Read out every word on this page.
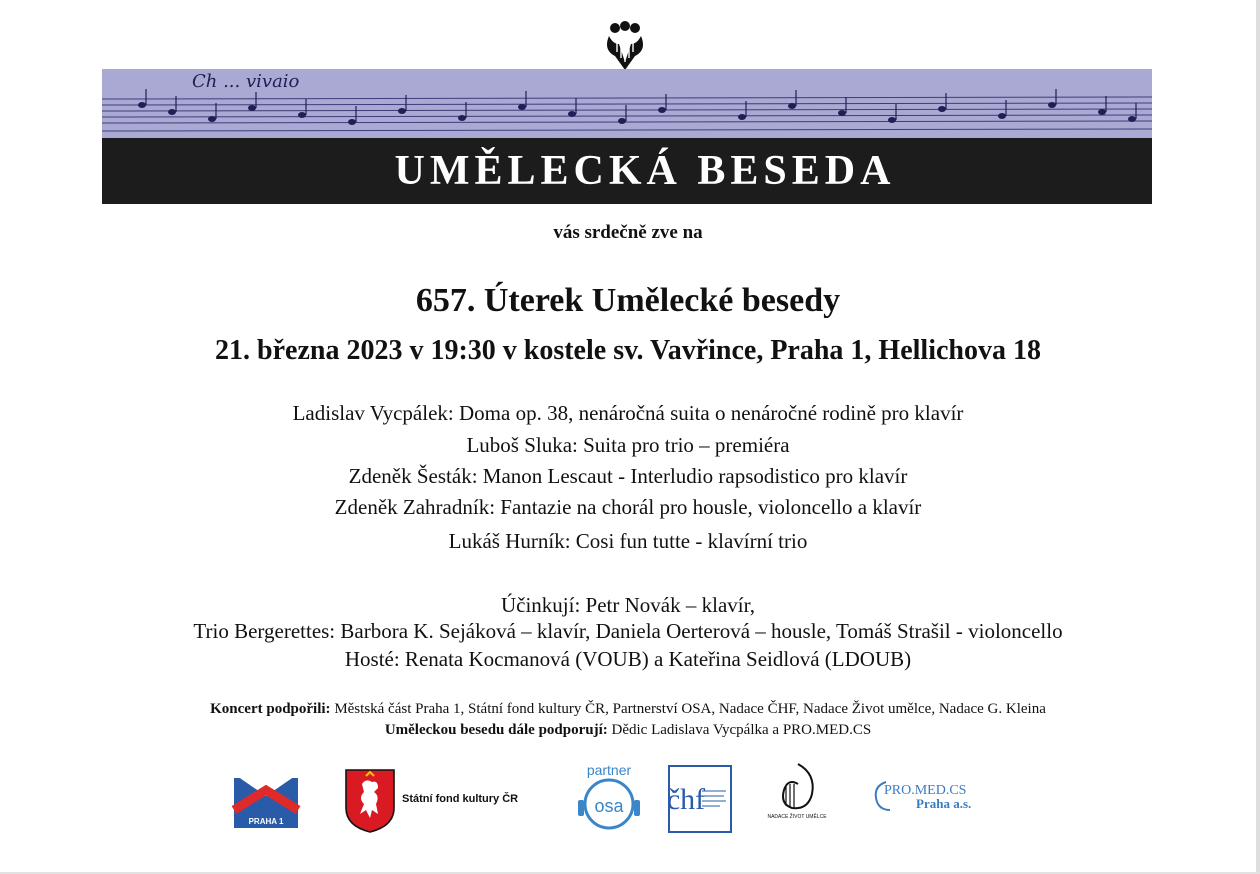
Ch ... vivaio
UMĚLECKÁ BESEDA
vás srdečně zve na
657. Úterek Umělecké besedy
21. března 2023 v 19:30 v kostele sv. Vavřince, Praha 1, Hellichova 18
Ladislav Vycpálek: Doma op. 38, nenáročná suita o nenáročné rodině pro klavír
Luboš Sluka: Suita pro trio – premiéra
Zdeněk Šesták: Manon Lescaut - Interludio rapsodistico pro klavír
Zdeněk Zahradník: Fantazie na chorál pro housle, violoncello a klavír
Lukáš Hurník: Cosi fun tutte - klavírní trio
Účinkují: Petr Novák – klavír,
Trio Bergerettes: Barbora K. Sejáková – klavír, Daniela Oerterová – housle, Tomáš Strašil - violoncello
Hosté: Renata Kocmanová (VOUB) a Kateřina Seidlová (LDOUB)
Koncert podpořili: Městská část Praha 1, Státní fond kultury ČR, Partnerství OSA, Nadace ČHF, Nadace Život umělce, Nadace G. Kleina
Uměleckou besedu dále podporují: Dědic Ladislava Vycpálka a PRO.MED.CS
PRAHA 1
Státní fond kultury ČR
partner
osa čhf
NADACE ŽIVOT UMĚLCE
PRO.MED.CS
Praha a.s.
